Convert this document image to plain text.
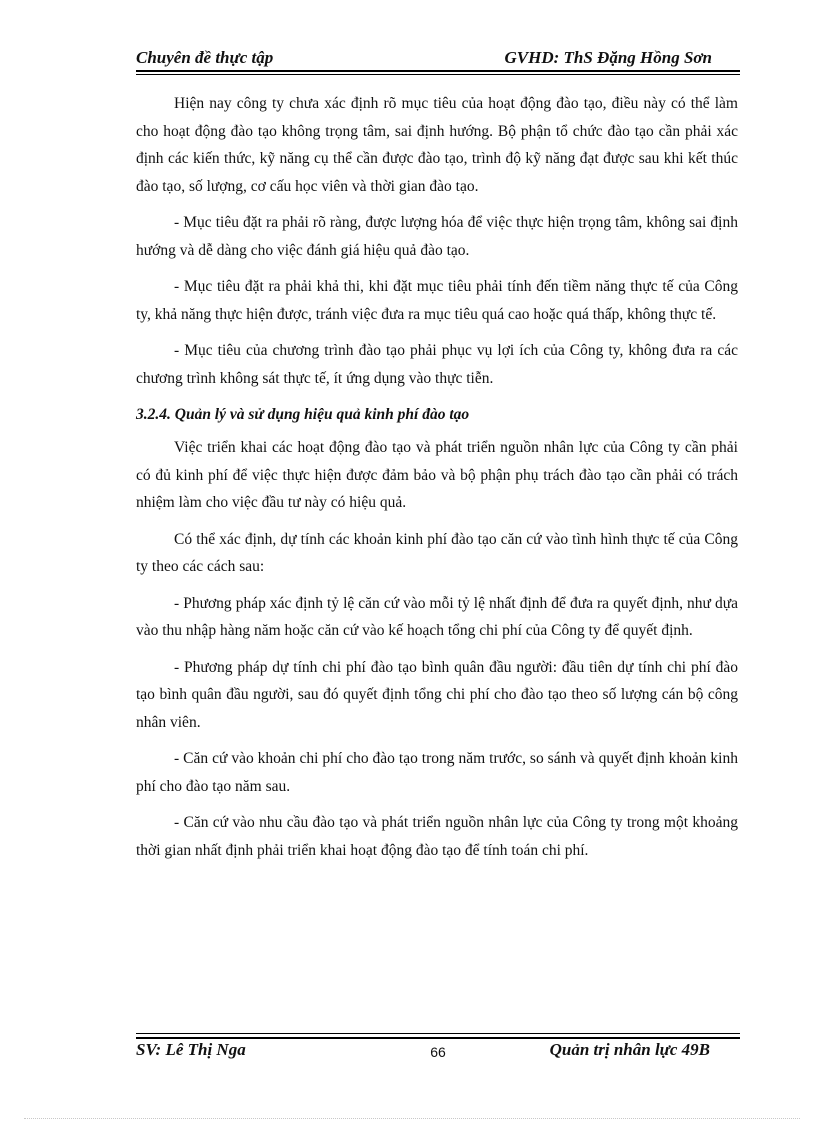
Chuyên đề thực tập	GVHD: ThS Đặng Hồng Sơn

Hiện nay công ty chưa xác định rõ mục tiêu của hoạt động đào tạo, điều này có thể làm cho hoạt động đào tạo không trọng tâm, sai định hướng. Bộ phận tổ chức đào tạo cần phải xác định các kiến thức, kỹ năng cụ thể cần được đào tạo, trình độ kỹ năng đạt được sau khi kết thúc đào tạo, số lượng, cơ cấu học viên và thời gian đào tạo.

- Mục tiêu đặt ra phải rõ ràng, được lượng hóa để việc thực hiện trọng tâm, không sai định hướng và dễ dàng cho việc đánh giá hiệu quả đào tạo.

- Mục tiêu đặt ra phải khả thi, khi đặt mục tiêu phải tính đến tiềm năng thực tế của Công ty, khả năng thực hiện được, tránh việc đưa ra mục tiêu quá cao hoặc quá thấp, không thực tế.

- Mục tiêu của chương trình đào tạo phải phục vụ lợi ích của Công ty, không đưa ra các chương trình không sát thực tế, ít ứng dụng vào thực tiễn.

3.2.4. Quản lý và sử dụng hiệu quả kinh phí đào tạo

Việc triển khai các hoạt động đào tạo và phát triển nguồn nhân lực của Công ty cần phải có đủ kinh phí để việc thực hiện được đảm bảo và bộ phận phụ trách đào tạo cần phải có trách nhiệm làm cho việc đầu tư này có hiệu quả.

Có thể xác định, dự tính các khoản kinh phí đào tạo căn cứ vào tình hình thực tế của Công ty theo các cách sau:

- Phương pháp xác định tỷ lệ căn cứ vào mỗi tỷ lệ nhất định để đưa ra quyết định, như dựa vào thu nhập hàng năm hoặc căn cứ vào kế hoạch tổng chi phí của Công ty để quyết định.

- Phương pháp dự tính chi phí đào tạo bình quân đầu người: đầu tiên dự tính chi phí đào tạo bình quân đầu người, sau đó quyết định tổng chi phí cho đào tạo theo số lượng cán bộ công nhân viên.

- Căn cứ vào khoản chi phí cho đào tạo trong năm trước, so sánh và quyết định khoản kinh phí cho đào tạo năm sau.

- Căn cứ vào nhu cầu đào tạo và phát triển nguồn nhân lực của Công ty trong một khoảng thời gian nhất định phải triển khai hoạt động đào tạo để tính toán chi phí.

SV: Lê Thị Nga	66	Quản trị nhân lực 49B
